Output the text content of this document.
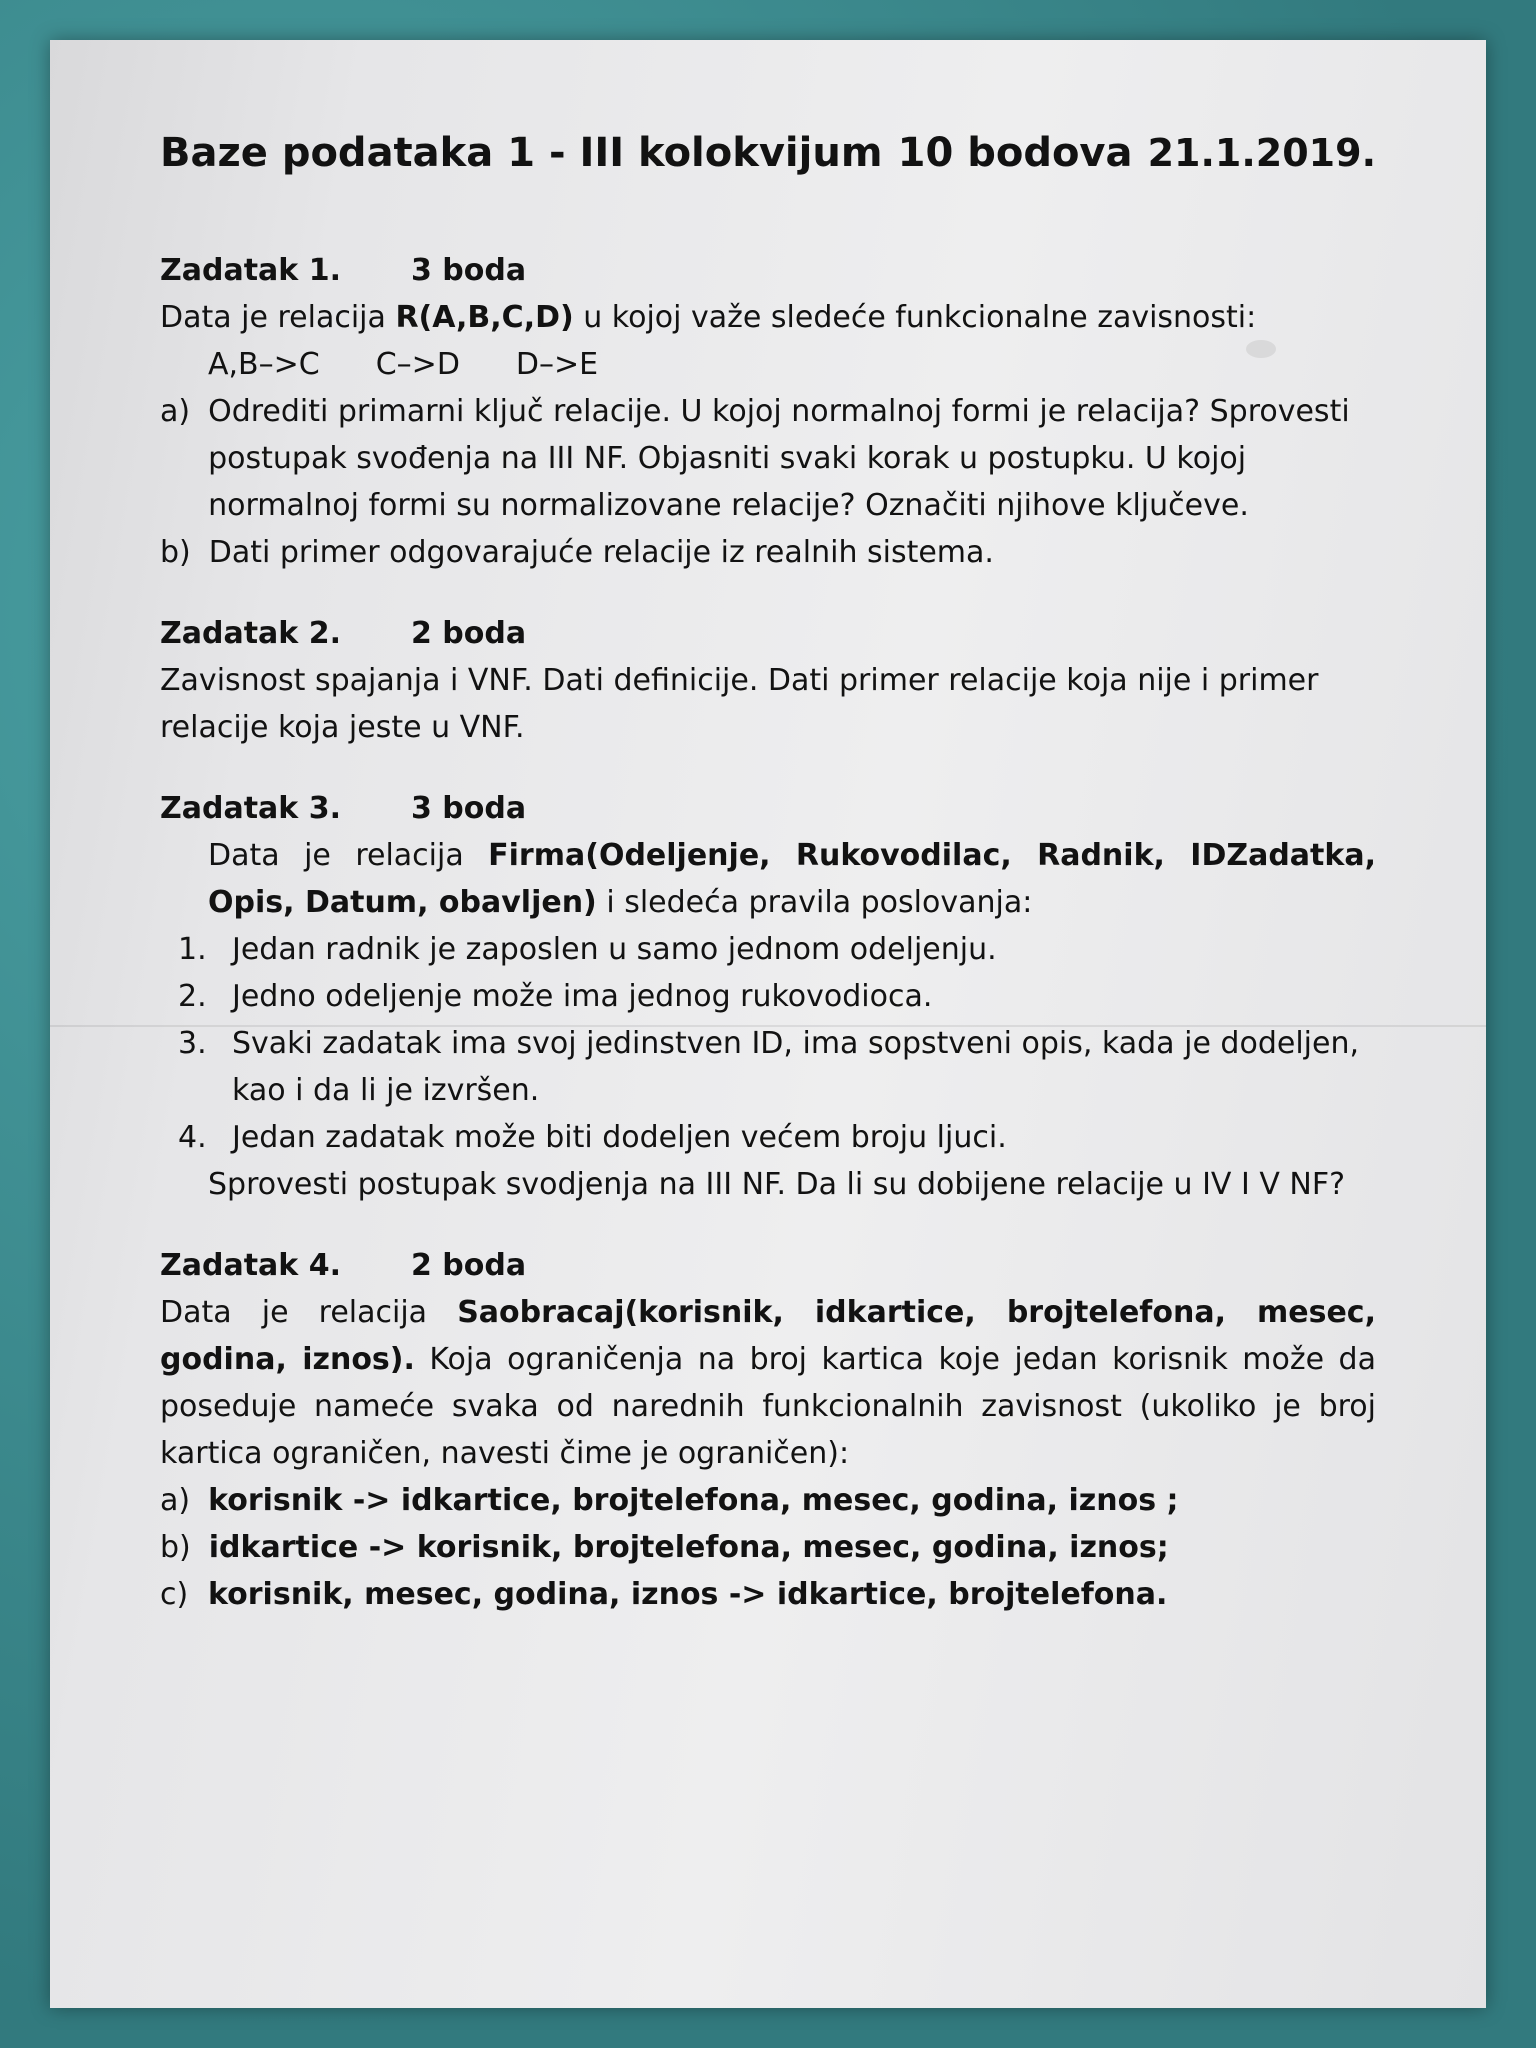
Baze podataka 1 - III kolokvijum 10 bodova 21.1.2019.
Zadatak 1. 3 boda

Data je relacija R(A,B,C,D) u kojoj važe sledeće funkcionalne zavisnosti:

A,B–>C C–>D D–>E
a) Odrediti primarni ključ relacije. U kojoj normalnoj formi je relacija? Sprovesti postupak svođenja na III NF. Objasniti svaki korak u postupku. U kojoj normalnoj formi su normalizovane relacije? Označiti njihove ključeve.
b) Dati primer odgovarajuće relacije iz realnih sistema.
Zadatak 2. 2 boda

Zavisnost spajanja i VNF. Dati definicije. Dati primer relacije koja nije i primer relacije koja jeste u VNF.

Zadatak 3. 3 boda

Data je relacija Firma(Odeljenje, Rukovodilac, Radnik, IDZadatka, Opis, Datum, obavljen) i sledeća pravila poslovanja:

1. Jedan radnik je zaposlen u samo jednom odeljenju.
2. Jedno odeljenje može ima jednog rukovodioca.
3. Svaki zadatak ima svoj jedinstven ID, ima sopstveni opis, kada je dodeljen, kao i da li je izvršen.
4. Jedan zadatak može biti dodeljen većem broju ljuci.

Sprovesti postupak svodjenja na III NF. Da li su dobijene relacije u IV I V NF?

Zadatak 4. 2 boda

Data je relacija Saobracaj(korisnik, idkartice, brojtelefona, mesec, godina, iznos). Koja ograničenja na broj kartica koje jedan korisnik može da poseduje nameće svaka od narednih funkcionalnih zavisnost (ukoliko je broj kartica ograničen, navesti čime je ograničen):

a) korisnik -> idkartice, brojtelefona, mesec, godina, iznos ;
b) idkartice -> korisnik, brojtelefona, mesec, godina, iznos;
c) korisnik, mesec, godina, iznos -> idkartice, brojtelefona.
